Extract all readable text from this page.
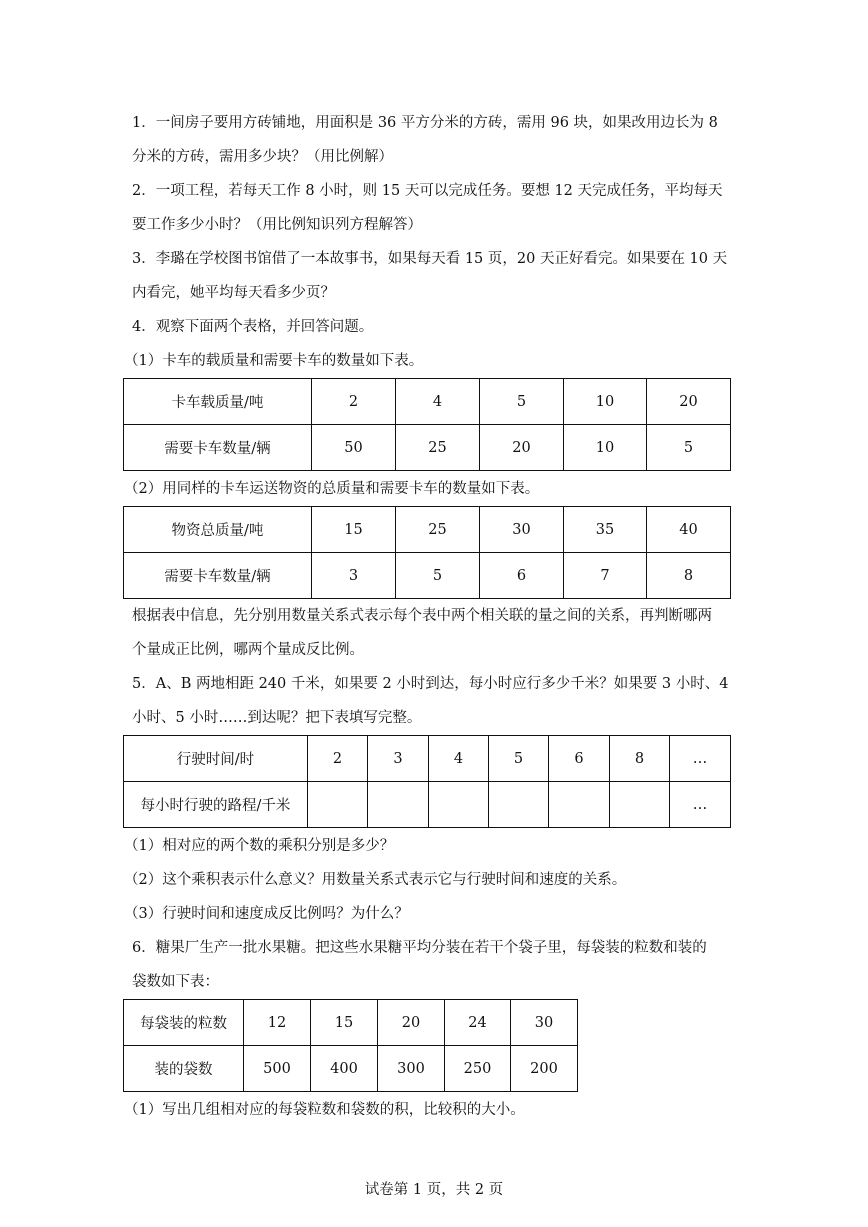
1．一间房子要用方砖铺地，用面积是 36 平方分米的方砖，需用 96 块，如果改用边长为 8
分米的方砖，需用多少块？（用比例解）
2．一项工程，若每天工作 8 小时，则 15 天可以完成任务。要想 12 天完成任务，平均每天
要工作多少小时？（用比例知识列方程解答）
3．李璐在学校图书馆借了一本故事书，如果每天看 15 页，20 天正好看完。如果要在 10 天
内看完，她平均每天看多少页？
4．观察下面两个表格，并回答问题。
（1）卡车的载质量和需要卡车的数量如下表。
卡车载质量/吨	2	4	5	10	20
需要卡车数量/辆	50	25	20	10	5
（2）用同样的卡车运送物资的总质量和需要卡车的数量如下表。
物资总质量/吨	15	25	30	35	40
需要卡车数量/辆	3	5	6	7	8
根据表中信息，先分别用数量关系式表示每个表中两个相关联的量之间的关系，再判断哪两
个量成正比例，哪两个量成反比例。
5．A、B 两地相距 240 千米，如果要 2 小时到达，每小时应行多少千米？如果要 3 小时、4
小时、5 小时……到达呢？把下表填写完整。
行驶时间/时	2	3	4	5	6	8	…
每小时行驶的路程/千米							…
（1）相对应的两个数的乘积分别是多少？
（2）这个乘积表示什么意义？用数量关系式表示它与行驶时间和速度的关系。
（3）行驶时间和速度成反比例吗？为什么？
6．糖果厂生产一批水果糖。把这些水果糖平均分装在若干个袋子里，每袋装的粒数和装的
袋数如下表：
每袋装的粒数	12	15	20	24	30
装的袋数	500	400	300	250	200
（1）写出几组相对应的每袋粒数和袋数的积，比较积的大小。
试卷第 1 页，共 2 页
